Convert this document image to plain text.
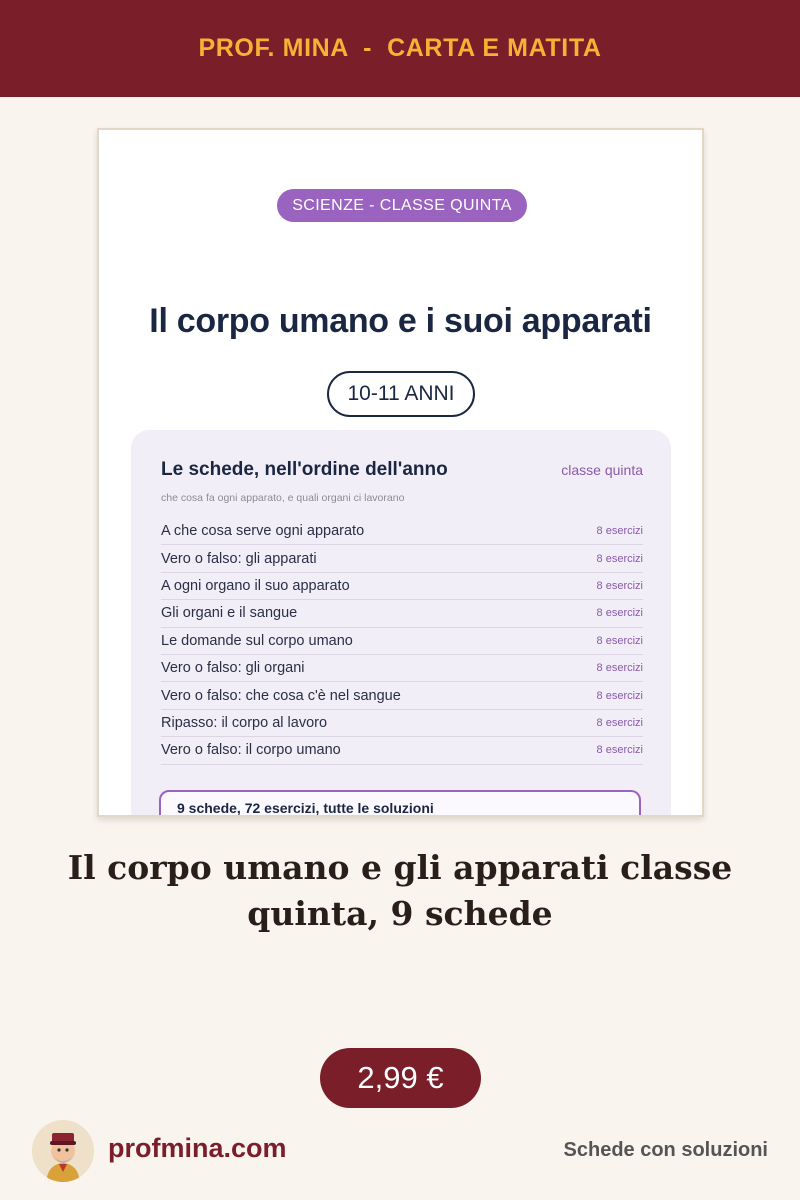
PROF. MINA  -  CARTA E MATITA
SCIENZE - CLASSE QUINTA
Il corpo umano e i suoi apparati
10-11 ANNI
Le schede, nell'ordine dell'anno	classe quinta
che cosa fa ogni apparato, e quali organi ci lavorano
A che cosa serve ogni apparato	8 esercizi
Vero o falso: gli apparati	8 esercizi
A ogni organo il suo apparato	8 esercizi
Gli organi e il sangue	8 esercizi
Le domande sul corpo umano	8 esercizi
Vero o falso: gli organi	8 esercizi
Vero o falso: che cosa c'è nel sangue	8 esercizi
Ripasso: il corpo al lavoro	8 esercizi
Vero o falso: il corpo umano	8 esercizi
9 schede, 72 esercizi, tutte le soluzioni
Il corpo umano e gli apparati classe quinta, 9 schede
2,99 €
profmina.com	Schede con soluzioni
